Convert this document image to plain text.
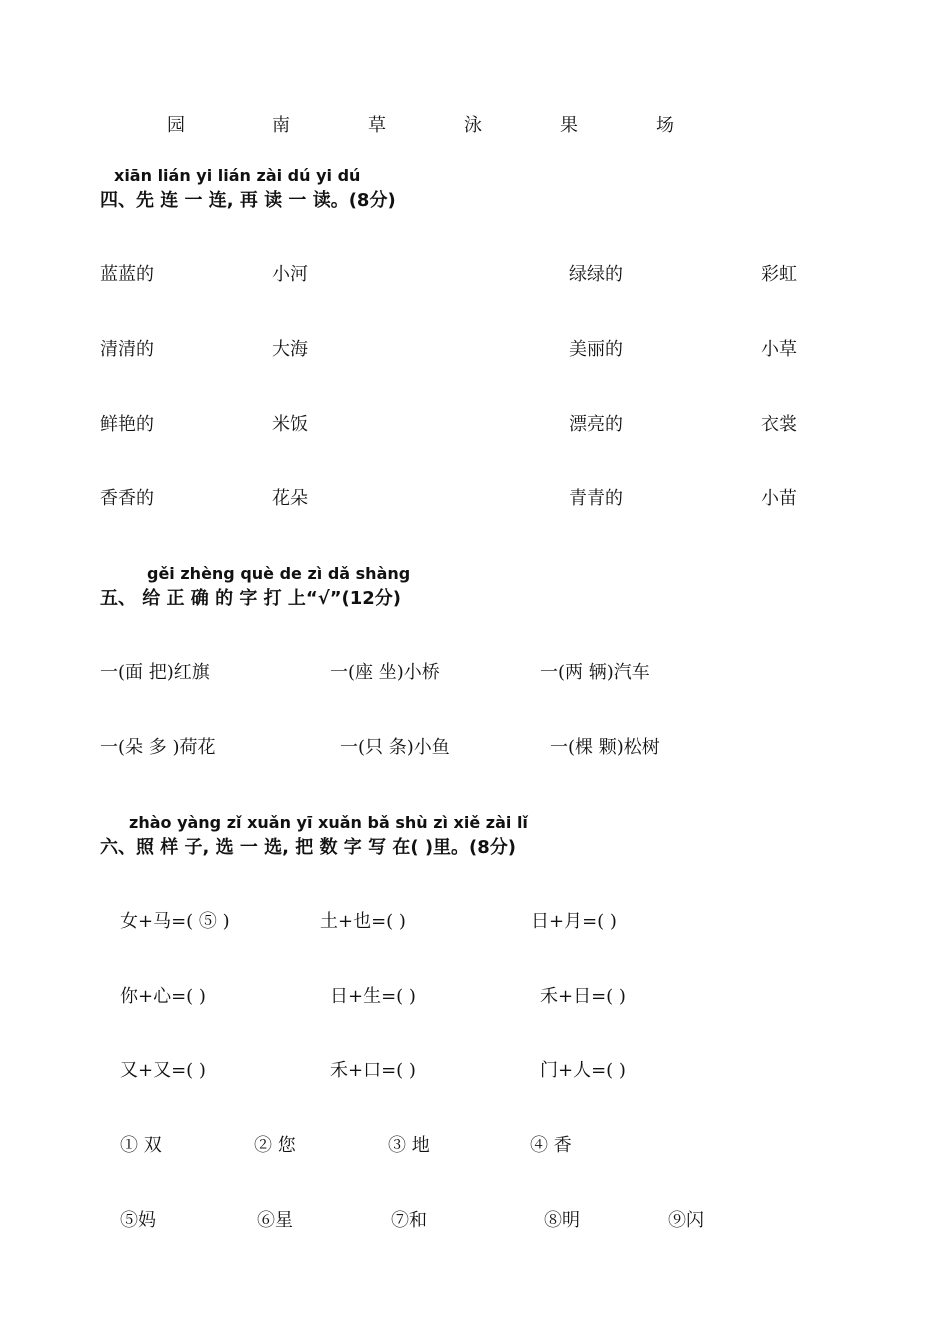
园	南	草	泳	果	场
xiān lián yi lián zài dú yi dú
四、先 连 一 连, 再 读 一 读。(8分)
蓝蓝的	小河	绿绿的	彩虹
清清的	大海	美丽的	小草
鲜艳的	米饭	漂亮的	衣裳
香香的	花朵	青青的	小苗
gěi zhèng què de zì dǎ shàng
五、 给 正 确 的 字 打 上“√”(12分)
一(面 把)红旗	一(座 坐)小桥	一(两 辆)汽车
一(朵 多 )荷花	一(只 条)小鱼	一(棵 颗)松树
zhào yàng zǐ xuǎn yī xuǎn bǎ shù zì xiě zài lǐ
六、照 样 子, 选 一 选, 把 数 字 写 在( )里。(8分)
女+马=( ⑤ )	土+也=( )	日+月=( )
你+心=( )	日+生=( )	禾+日=( )
又+又=( )	禾+口=( )	门+人=( )
① 双	② 您	③ 地	④ 香
⑤妈	⑥星	⑦和	⑧明	⑨闪
